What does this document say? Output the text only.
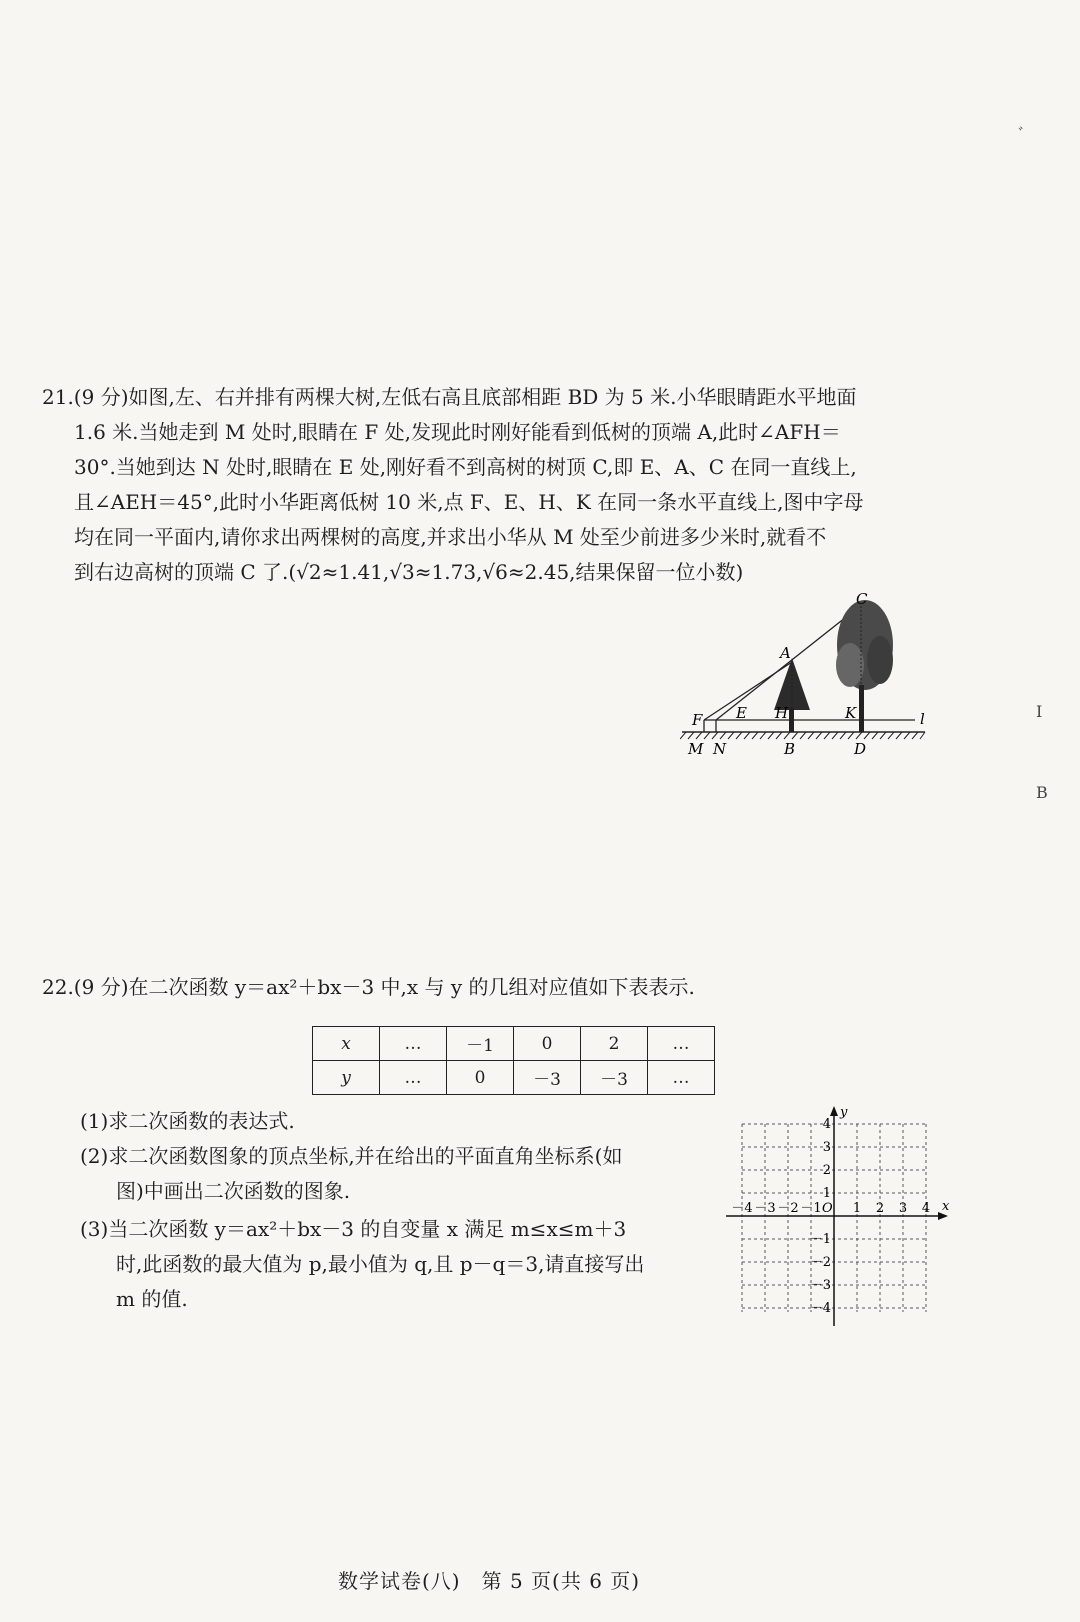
ﾞ
I
B
21.(9 分)如图,左、右并排有两棵大树,左低右高且底部相距 BD 为 5 米.小华眼睛距水平地面
1.6 米.当她走到 M 处时,眼睛在 F 处,发现此时刚好能看到低树的顶端 A,此时∠AFH＝
30°.当她到达 N 处时,眼睛在 E 处,刚好看不到高树的树顶 C,即 E、A、C 在同一直线上,
且∠AEH＝45°,此时小华距离低树 10 米,点 F、E、H、K 在同一条水平直线上,图中字母
均在同一平面内,请你求出两棵树的高度,并求出小华从 M 处至少前进多少米时,就看不
到右边高树的顶端 C 了.(√2≈1.41,√3≈1.73,√6≈2.45,结果保留一位小数)
C
A
F E H	K	l
M N	B	D
22.(9 分)在二次函数 y＝ax²＋bx－3 中,x 与 y 的几组对应值如下表表示.
x	…	－1	0	2	…
y	…	0	－3	－3	…
(1)求二次函数的表达式.
(2)求二次函数图象的顶点坐标,并在给出的平面直角坐标系(如
图)中画出二次函数的图象.
(3)当二次函数 y＝ax²＋bx－3 的自变量 x 满足 m≤x≤m＋3
时,此函数的最大值为 p,最小值为 q,且 p－q＝3,请直接写出
m 的值.
x
y
O
－4 －3 －2 －1 1 2 3 4
4
3
2
1
－1
－2
－3
－4
数学试卷(八)　第 5 页(共 6 页)
